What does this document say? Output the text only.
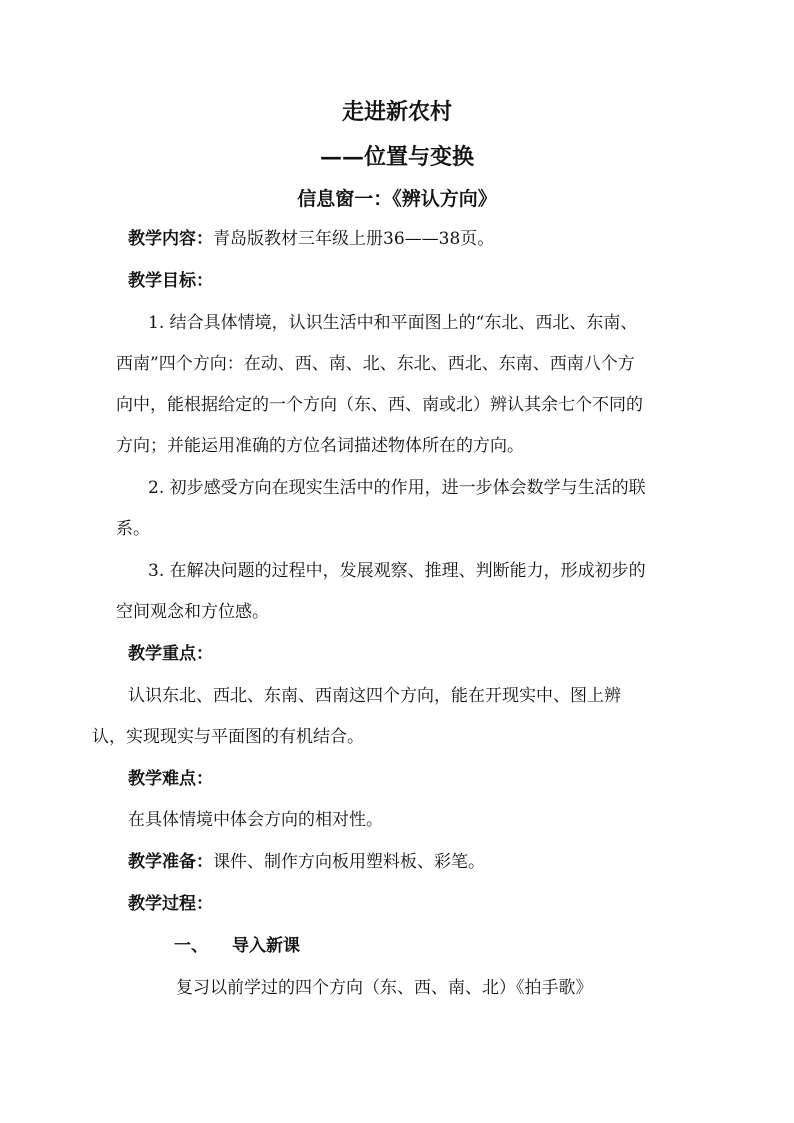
走进新农村
——位置与变换
信息窗一：《辨认方向》
教学内容：青岛版教材三年级上册36——38页。
教学目标：
1. 结合具体情境，认识生活中和平面图上的“东北、西北、东南、
西南”四个方向：在动、西、南、北、东北、西北、东南、西南八个方
向中，能根据给定的一个方向（东、西、南或北）辨认其余七个不同的
方向；并能运用准确的方位名词描述物体所在的方向。
2. 初步感受方向在现实生活中的作用，进一步体会数学与生活的联
系。
3. 在解决问题的过程中，发展观察、推理、判断能力，形成初步的
空间观念和方位感。
教学重点：
认识东北、西北、东南、西南这四个方向，能在开现实中、图上辨
认，实现现实与平面图的有机结合。
教学难点：
在具体情境中体会方向的相对性。
教学准备：课件、制作方向板用塑料板、彩笔。
教学过程：
一、 导入新课
复习以前学过的四个方向（东、西、南、北）《拍手歌》
